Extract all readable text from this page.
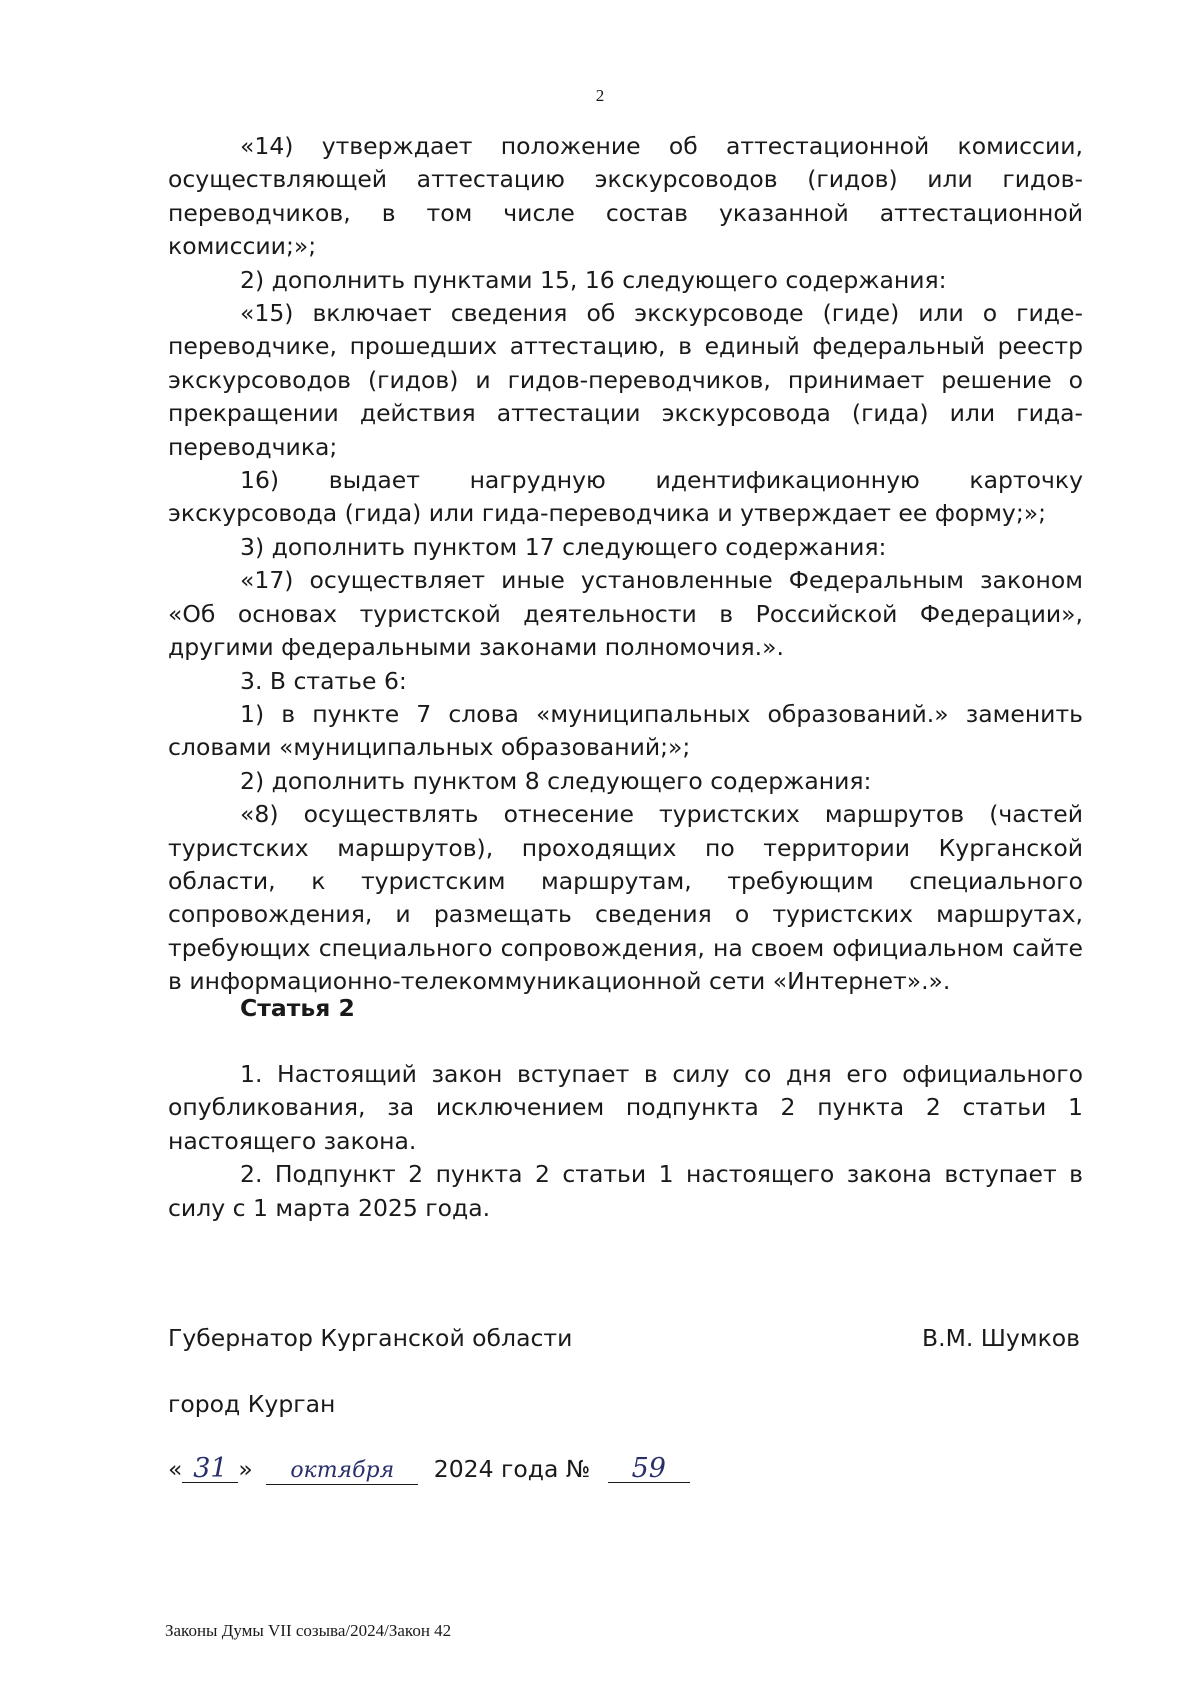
2

«14) утверждает положение об аттестационной комиссии, осуществляющей аттестацию экскурсоводов (гидов) или гидов-переводчиков, в том числе состав указанной аттестационной комиссии;»;

2) дополнить пунктами 15, 16 следующего содержания:

«15) включает сведения об экскурсоводе (гиде) или о гиде-переводчике, прошедших аттестацию, в единый федеральный реестр экскурсоводов (гидов) и гидов-переводчиков, принимает решение о прекращении действия аттестации экскурсовода (гида) или гида-переводчика;

16) выдает нагрудную идентификационную карточку экскурсовода (гида) или гида-переводчика и утверждает ее форму;»;

3) дополнить пунктом 17 следующего содержания:

«17) осуществляет иные установленные Федеральным законом «Об основах туристской деятельности в Российской Федерации», другими федеральными законами полномочия.».

3. В статье 6:

1) в пункте 7 слова «муниципальных образований.» заменить словами «муниципальных образований;»;

2) дополнить пунктом 8 следующего содержания:

«8) осуществлять отнесение туристских маршрутов (частей туристских маршрутов), проходящих по территории Курганской области, к туристским маршрутам, требующим специального сопровождения, и размещать сведения о туристских маршрутах, требующих специального сопровождения, на своем официальном сайте в информационно-телекоммуникационной сети «Интернет».».

Статья 2

1. Настоящий закон вступает в силу со дня его официального опубликования, за исключением подпункта 2 пункта 2 статьи 1 настоящего закона.

2. Подпункт 2 пункта 2 статьи 1 настоящего закона вступает в силу с 1 марта 2025 года.

Губернатор Курганской области	В.М. Шумков
город Курган
« 31 » октября 2024 года № 59
Законы Думы VII созыва/2024/Закон 42
